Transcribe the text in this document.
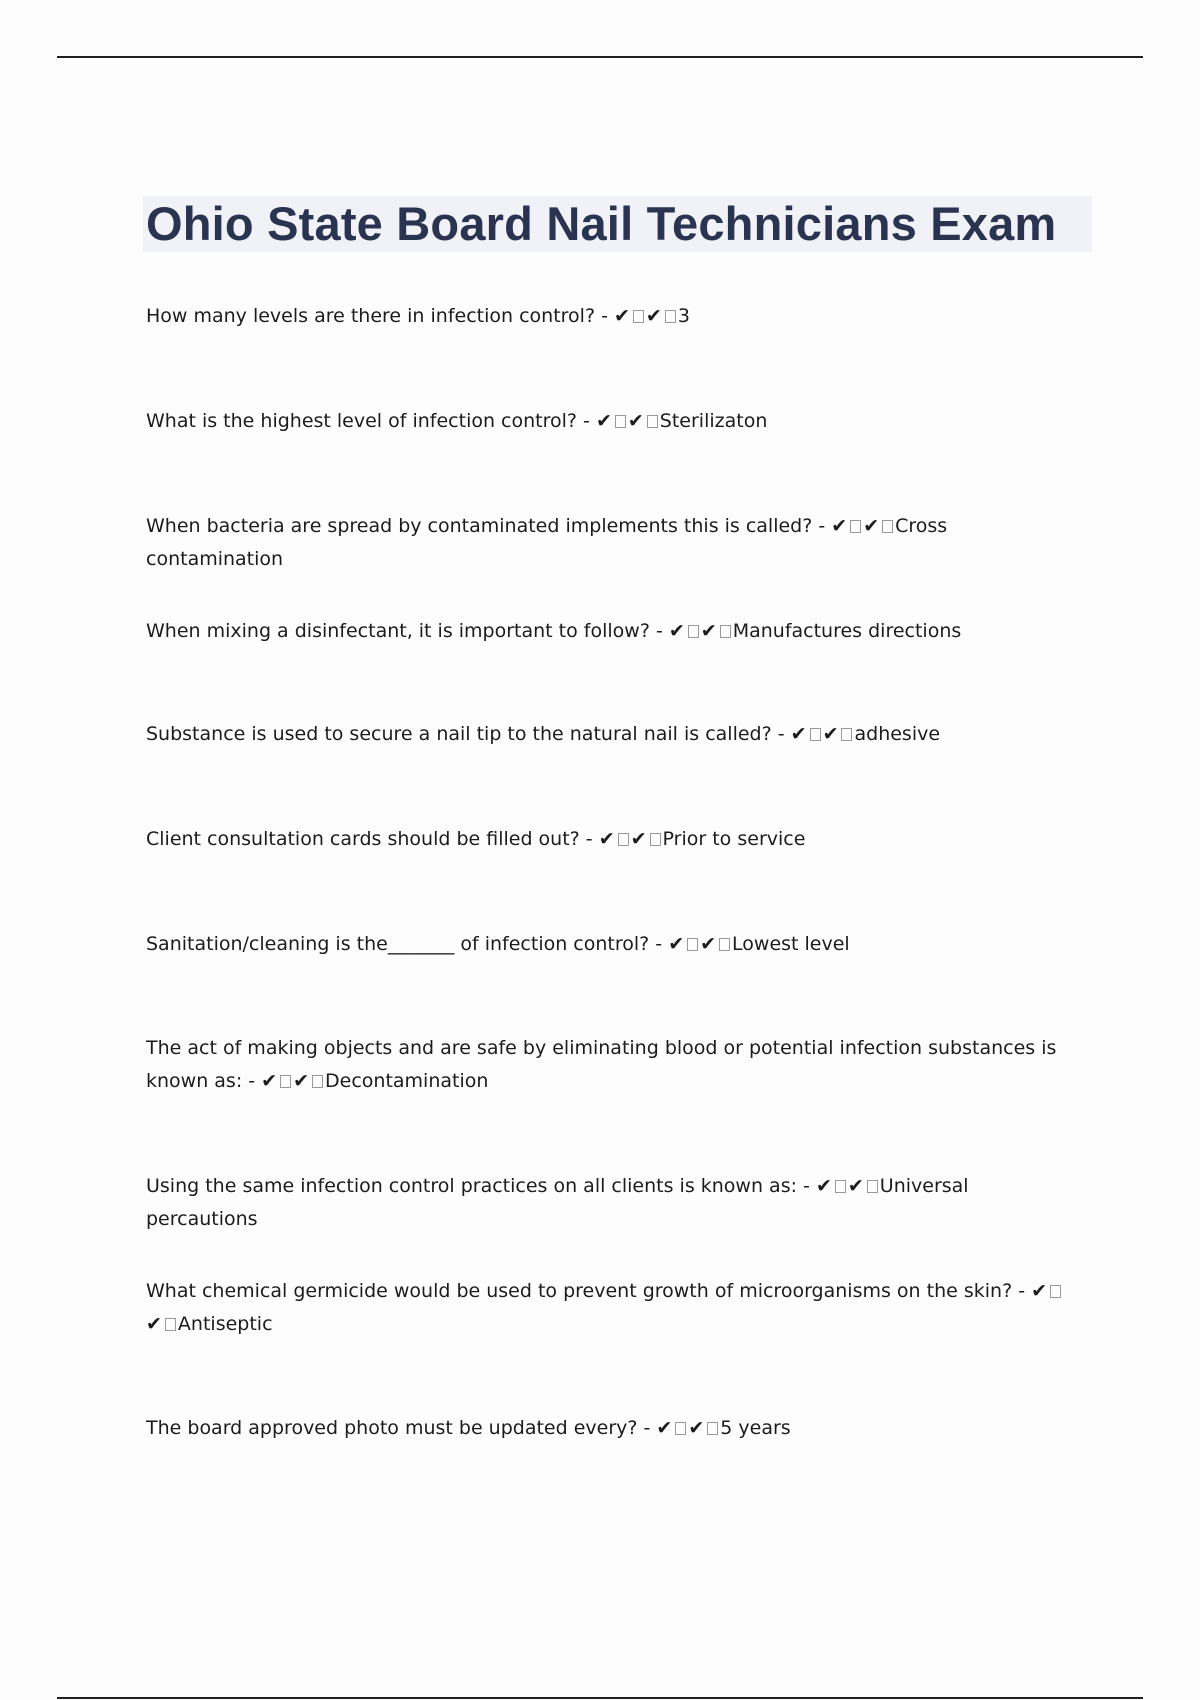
Ohio State Board Nail Technicians Exam

How many levels are there in infection control? - ✔ ✔ 3

What is the highest level of infection control? - ✔ ✔ Sterilizaton

When bacteria are spread by contaminated implements this is called? - ✔ ✔ Cross contamination

When mixing a disinfectant, it is important to follow? - ✔ ✔ Manufactures directions

Substance is used to secure a nail tip to the natural nail is called? - ✔ ✔ adhesive

Client consultation cards should be filled out? - ✔ ✔ Prior to service

Sanitation/cleaning is the_______ of infection control? - ✔ ✔ Lowest level

The act of making objects and are safe by eliminating blood or potential infection substances is known as: - ✔ ✔ Decontamination

Using the same infection control practices on all clients is known as: - ✔ ✔ Universal percautions

What chemical germicide would be used to prevent growth of microorganisms on the skin? - ✔✔ Antiseptic

The board approved photo must be updated every? - ✔ ✔ 5 years
